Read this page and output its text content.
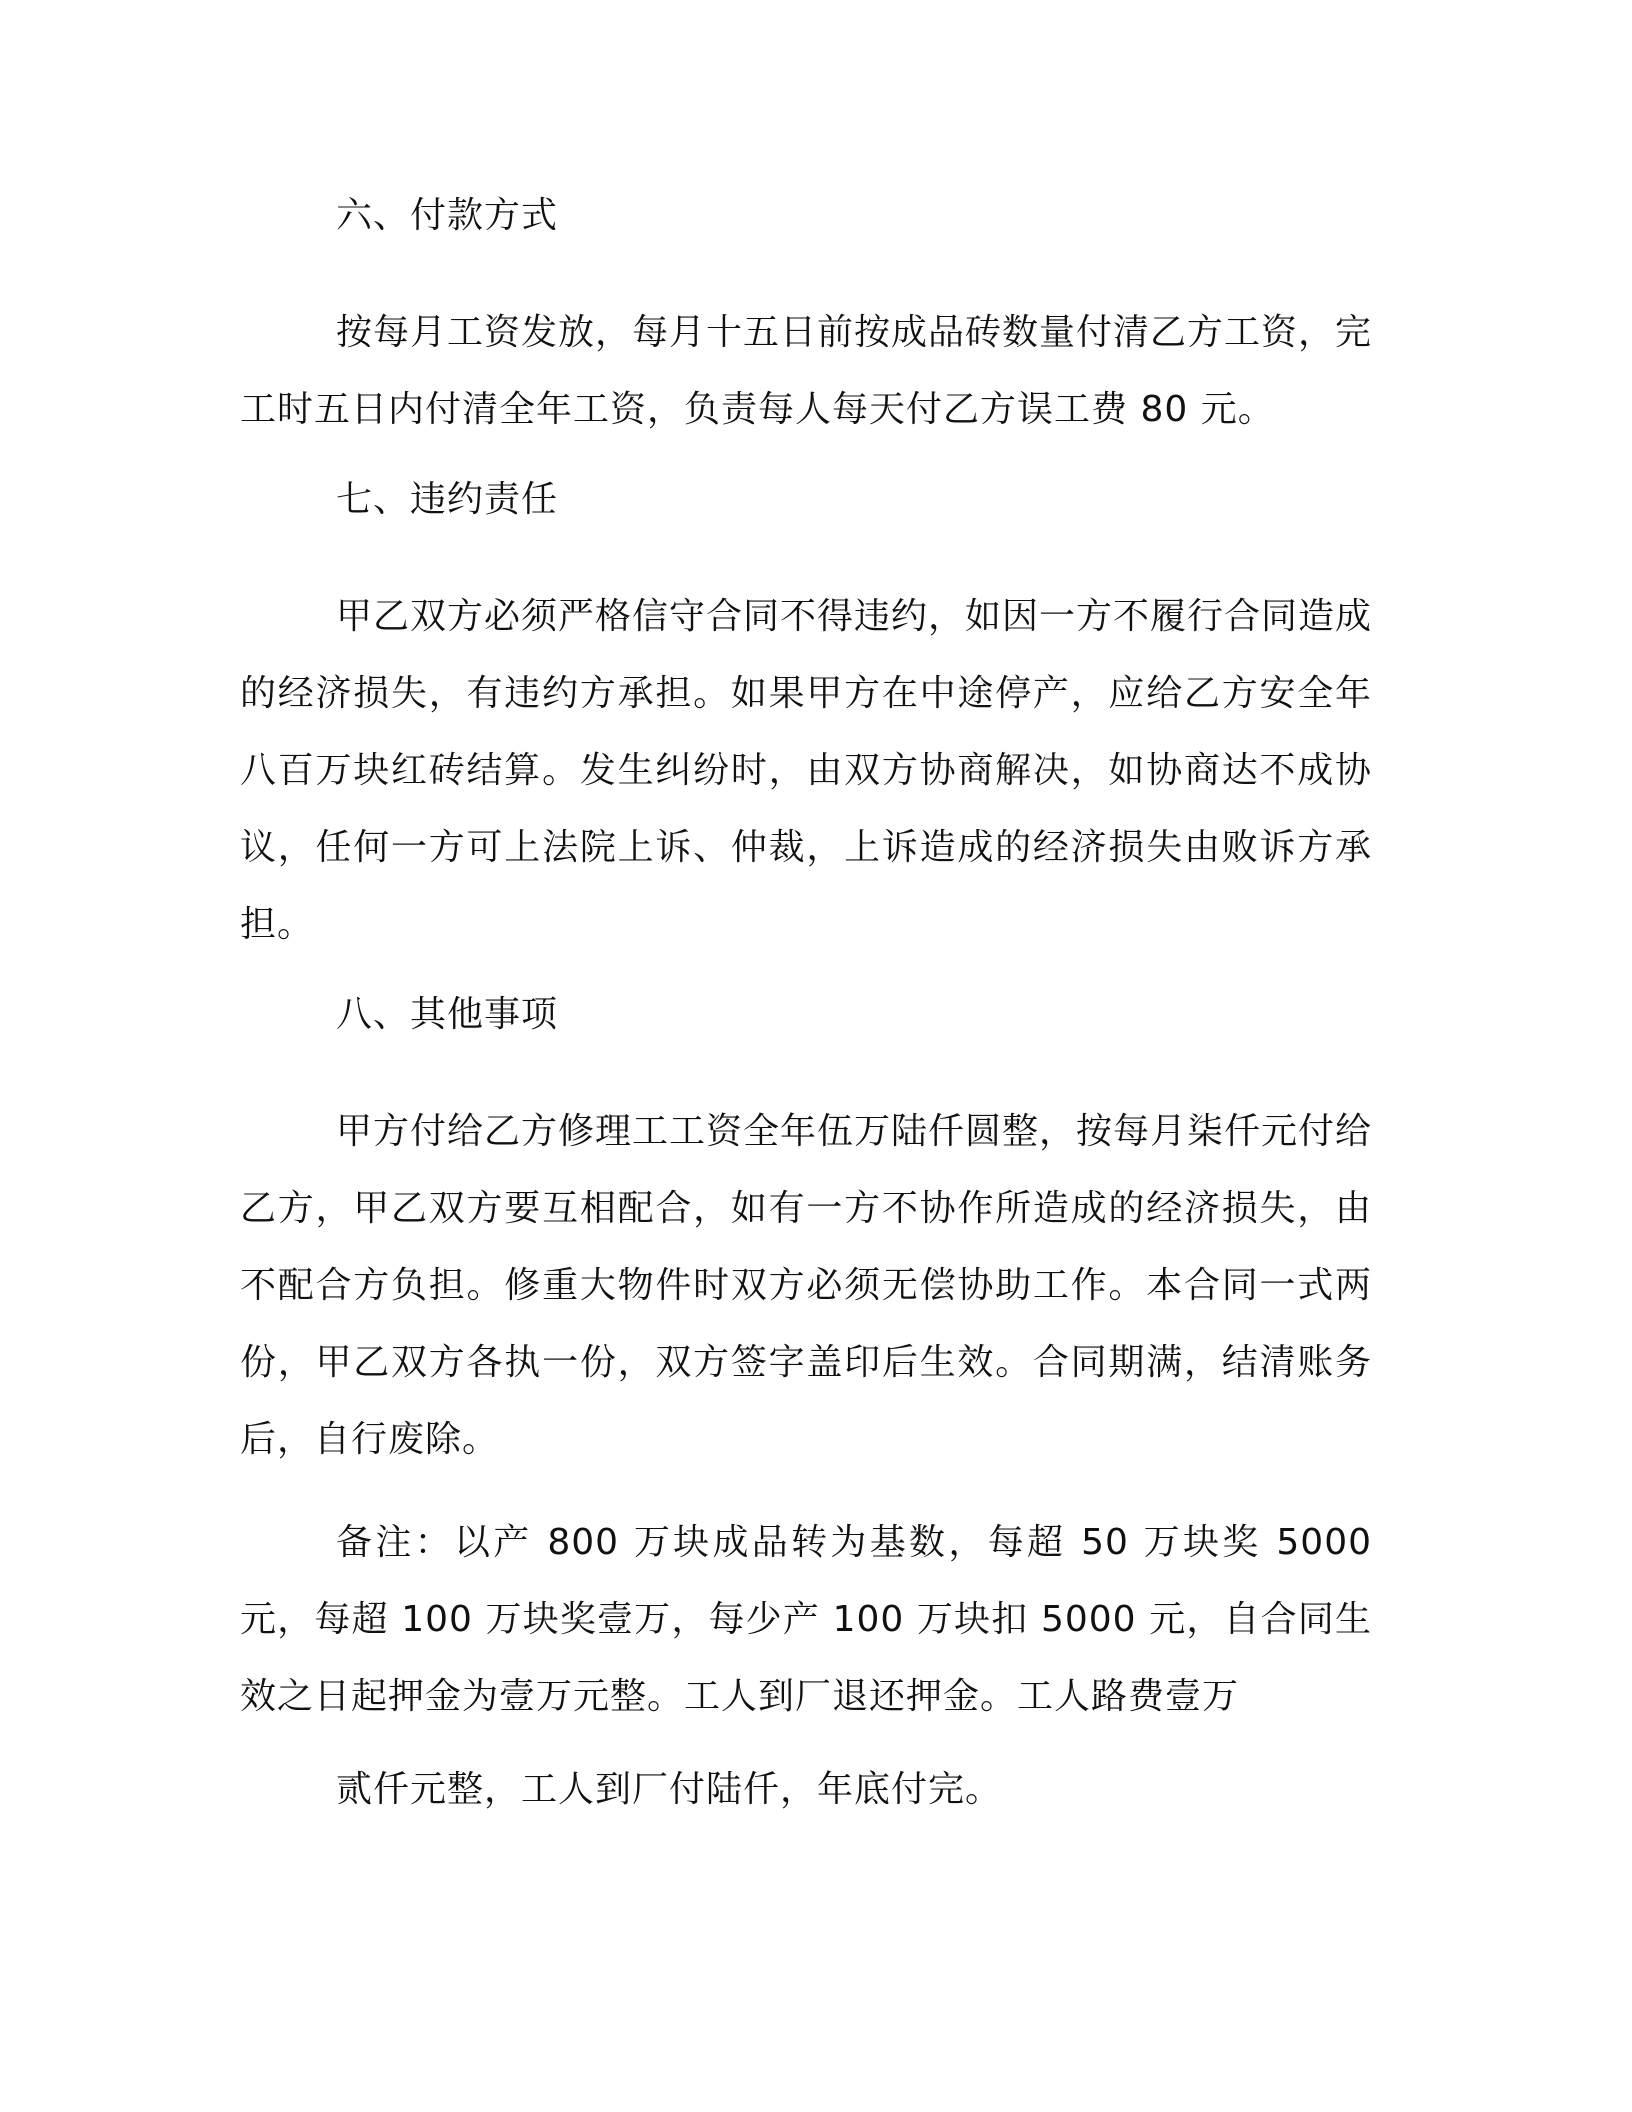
六、付款方式

按每月工资发放，每月十五日前按成品砖数量付清乙方工资，完工时五日内付清全年工资，负责每人每天付乙方误工费 80 元。

七、违约责任

甲乙双方必须严格信守合同不得违约，如因一方不履行合同造成的经济损失，有违约方承担。如果甲方在中途停产，应给乙方安全年八百万块红砖结算。发生纠纷时，由双方协商解决，如协商达不成协议，任何一方可上法院上诉、仲裁，上诉造成的经济损失由败诉方承担。

八、其他事项

甲方付给乙方修理工工资全年伍万陆仟圆整，按每月柒仟元付给乙方，甲乙双方要互相配合，如有一方不协作所造成的经济损失，由不配合方负担。修重大物件时双方必须无偿协助工作。本合同一式两份，甲乙双方各执一份，双方签字盖印后生效。合同期满，结清账务后，自行废除。

备注：以产 800 万块成品转为基数，每超 50 万块奖 5000 元，每超 100 万块奖壹万，每少产 100 万块扣 5000 元，自合同生效之日起押金为壹万元整。工人到厂退还押金。工人路费壹万

贰仟元整，工人到厂付陆仟，年底付完。
